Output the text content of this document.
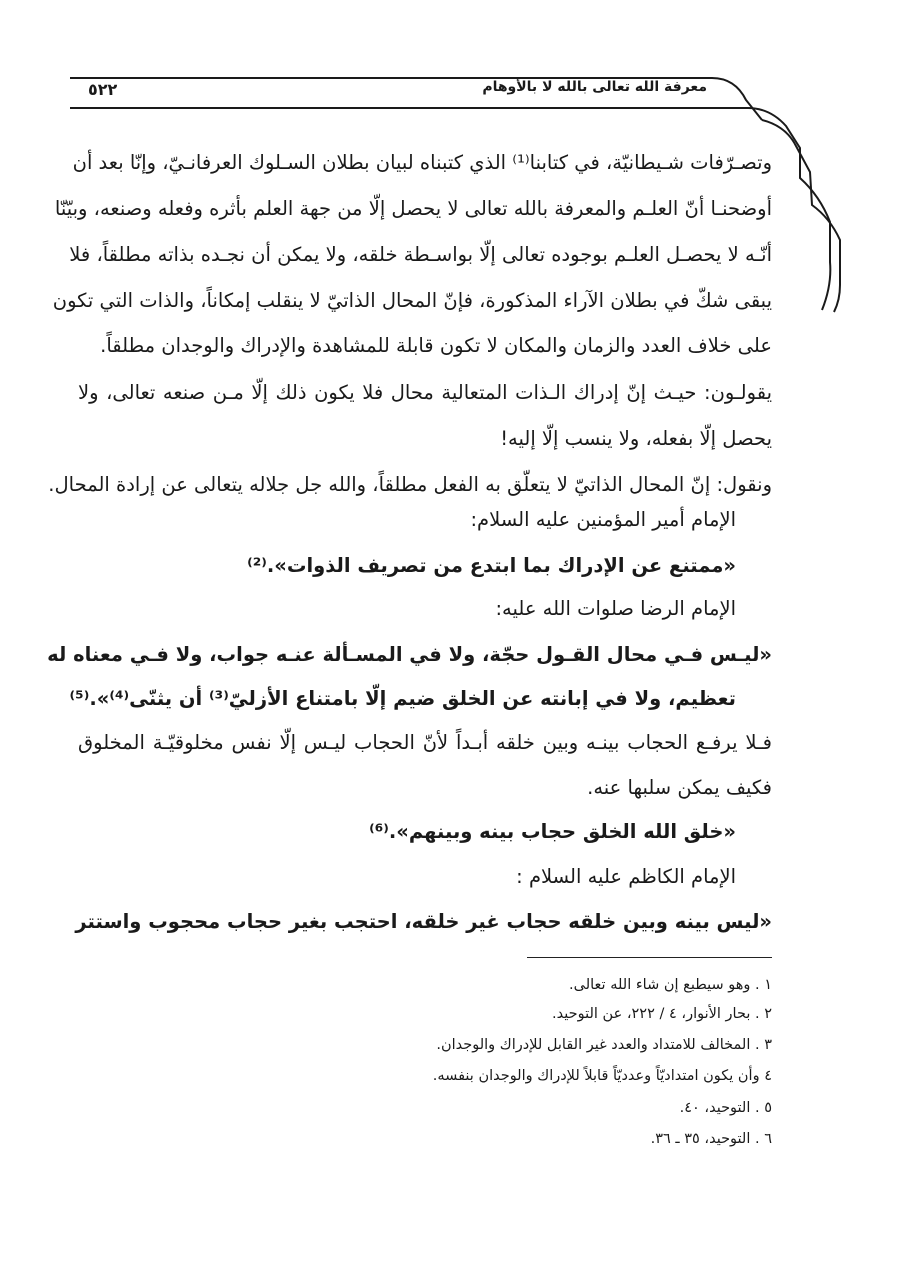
معرفة الله تعالى بالله لا بالأوهام
٥٢٢
وتصـرّفات شـيطانيّة، في كتابنا⁽¹⁾ الذي كتبناه لبيان بطلان السـلوك العرفانـيّ، وإنّا بعد أن
أوضحنـا أنّ العلـم والمعرفة بالله تعالى لا يحصل إلّا من جهة العلم بأثره وفعله وصنعه، وبيّنّا
أنّـه لا يحصـل العلـم بوجوده تعالى إلّا بواسـطة خلقه، ولا يمكن أن نجـده بذاته مطلقاً، فلا
يبقى شكّ في بطلان الآراء المذكورة، فإنّ المحال الذاتيّ لا ينقلب إمكاناً، والذات التي تكون
على خلاف العدد والزمان والمكان لا تكون قابلة للمشاهدة والإدراك والوجدان مطلقاً.
يقولـون: حيـث إنّ إدراك الـذات المتعالية محال فلا يكون ذلك إلّا مـن صنعه تعالى، ولا
يحصل إلّا بفعله، ولا ينسب إلّا إليه!
ونقول: إنّ المحال الذاتيّ لا يتعلّق به الفعل مطلقاً، والله جل جلاله يتعالى عن إرادة المحال.
الإمام أمير المؤمنين عليه السلام:
«ممتنع عن الإدراك بما ابتدع من تصريف الذوات».⁽²⁾
الإمام الرضا صلوات الله عليه:
«ليـس فـي محال القـول حجّة، ولا في المسـألة عنـه جواب، ولا فـي معناه له
تعظيم، ولا في إبانته عن الخلق ضيم إلّا بامتناع الأزليّ⁽³⁾ أن يثنّى⁽⁴⁾».⁽⁵⁾
فـلا يرفـع الحجاب بينـه وبين خلقه أبـداً لأنّ الحجاب ليـس إلّا نفس مخلوقيّـة المخلوق
فكيف يمكن سلبها عنه.
«خلق الله الخلق حجاب بينه وبينهم».⁽⁶⁾
الإمام الكاظم عليه السلام :
«ليس بينه وبين خلقه حجاب غير خلقه، احتجب بغير حجاب محجوب واستتر
١ . وهو سيطبع إن شاء الله تعالى.
٢ . بحار الأنوار، ٤ / ٢٢٢، عن التوحيد.
٣ . المخالف للامتداد والعدد غير القابل للإدراك والوجدان.
٤ وأن يكون امتداديّاً وعدديّاً قابلاً للإدراك والوجدان بنفسه.
٥ . التوحيد، ٤٠.
٦ . التوحيد، ٣٥ ـ ٣٦.
